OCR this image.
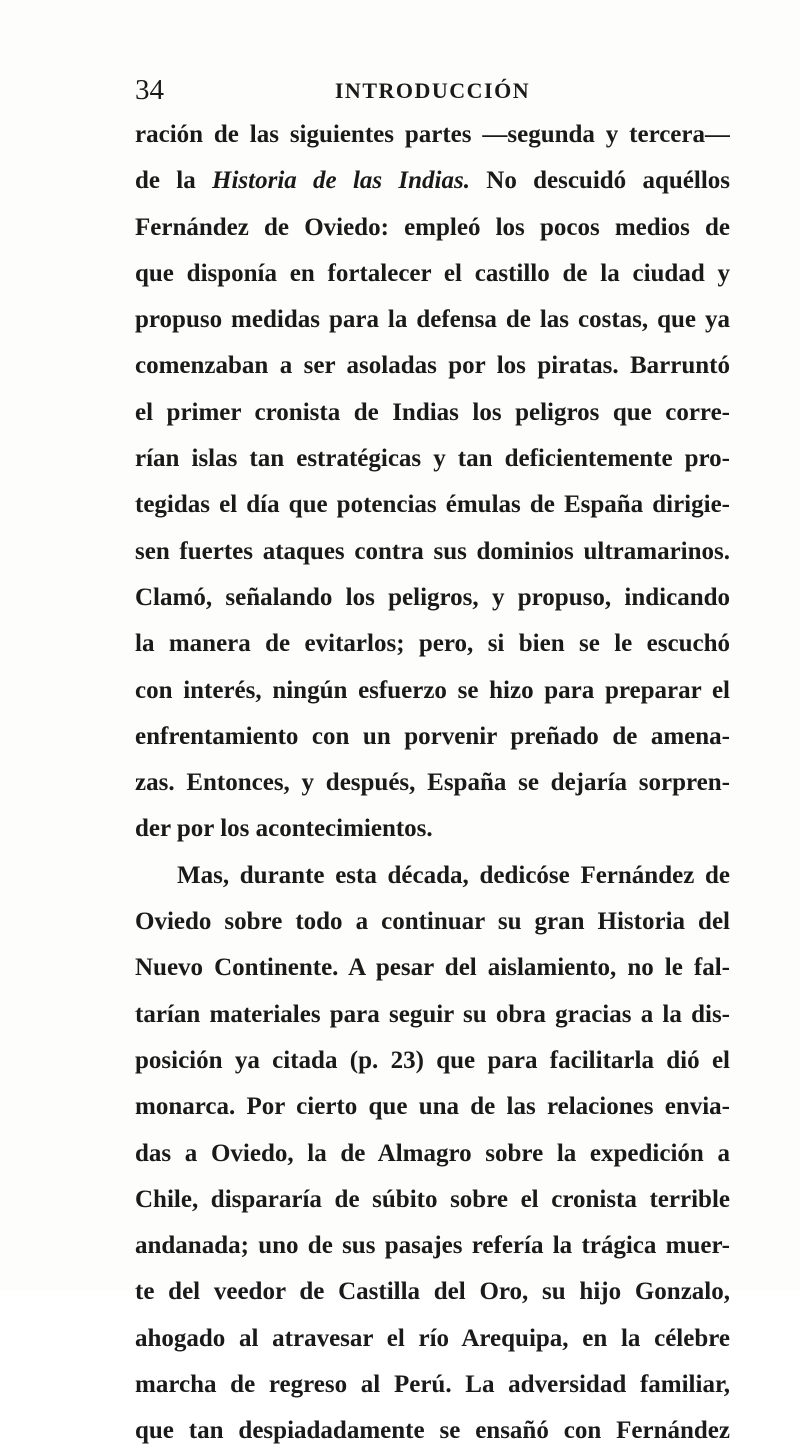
34	INTRODUCCIÓN
ración de las siguientes partes —segunda y tercera—
de la Historia de las Indias. No descuidó aquéllos
Fernández de Oviedo: empleó los pocos medios de
que disponía en fortalecer el castillo de la ciudad y
propuso medidas para la defensa de las costas, que ya
comenzaban a ser asoladas por los piratas. Barruntó
el primer cronista de Indias los peligros que corre-
rían islas tan estratégicas y tan deficientemente pro-
tegidas el día que potencias émulas de España dirigie-
sen fuertes ataques contra sus dominios ultramarinos.
Clamó, señalando los peligros, y propuso, indicando
la manera de evitarlos; pero, si bien se le escuchó
con interés, ningún esfuerzo se hizo para preparar el
enfrentamiento con un porvenir preñado de amena-
zas. Entonces, y después, España se dejaría sorpren-
der por los acontecimientos.
Mas, durante esta década, dedicóse Fernández de
Oviedo sobre todo a continuar su gran Historia del
Nuevo Continente. A pesar del aislamiento, no le fal-
tarían materiales para seguir su obra gracias a la dis-
posición ya citada (p. 23) que para facilitarla dió el
monarca. Por cierto que una de las relaciones envia-
das a Oviedo, la de Almagro sobre la expedición a
Chile, dispararía de súbito sobre el cronista terrible
andanada; uno de sus pasajes refería la trágica muer-
te del veedor de Castilla del Oro, su hijo Gonzalo,
ahogado al atravesar el río Arequipa, en la célebre
marcha de regreso al Perú. La adversidad familiar,
que tan despiadadamente se ensañó con Fernández
